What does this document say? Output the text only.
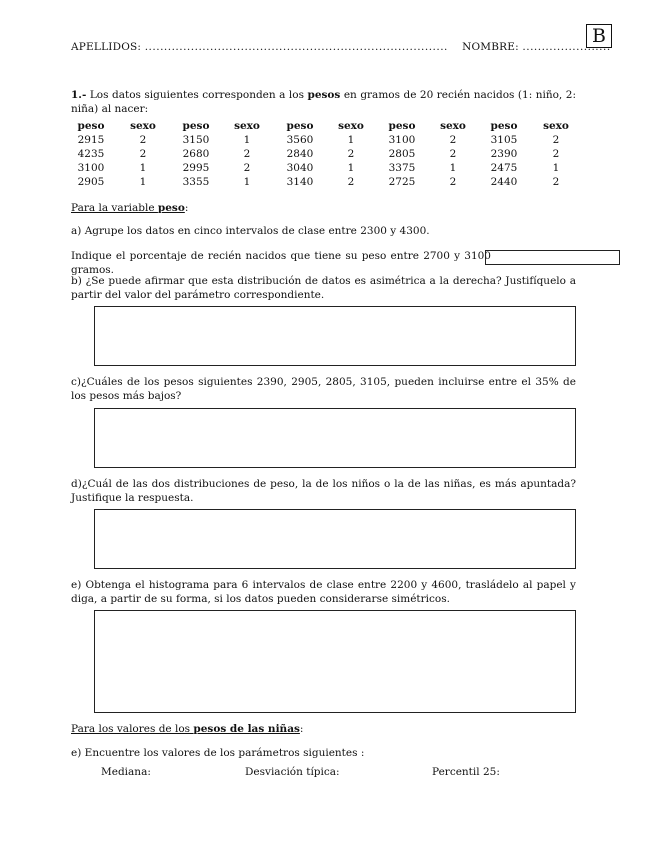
APELLIDOS: ............................................................................... NOMBRE: .......................
B
1.- Los datos siguientes corresponden a los pesos en gramos de 20 recién nacidos (1: niño, 2: niña) al nacer:
peso	sexo	peso	sexo	peso	sexo	peso	sexo	peso	sexo
2915	2	3150	1	3560	1	3100	2	3105	2
4235	2	2680	2	2840	2	2805	2	2390	2
3100	1	2995	2	3040	1	3375	1	2475	1
2905	1	3355	1	3140	2	2725	2	2440	2
Para la variable peso:
a) Agrupe los datos en cinco intervalos de clase entre 2300 y 4300.
Indique el porcentaje de recién nacidos que tiene su peso entre 2700 y 3100 gramos.
b) ¿Se puede afirmar que esta distribución de datos es asimétrica a la derecha? Justifíquelo a partir del valor del parámetro correspondiente.
c)¿Cuáles de los pesos siguientes 2390, 2905, 2805, 3105, pueden incluirse entre el 35% de los pesos más bajos?
d)¿Cuál de las dos distribuciones de peso, la de los niños o la de las niñas, es más apuntada? Justifique la respuesta.
e) Obtenga el histograma para 6 intervalos de clase entre 2200 y 4600, trasládelo al papel y diga, a partir de su forma, si los datos pueden considerarse simétricos.
Para los valores de los pesos de las niñas:
e) Encuentre los valores de los parámetros siguientes :
Mediana:	Desviación típica:	Percentil 25:
